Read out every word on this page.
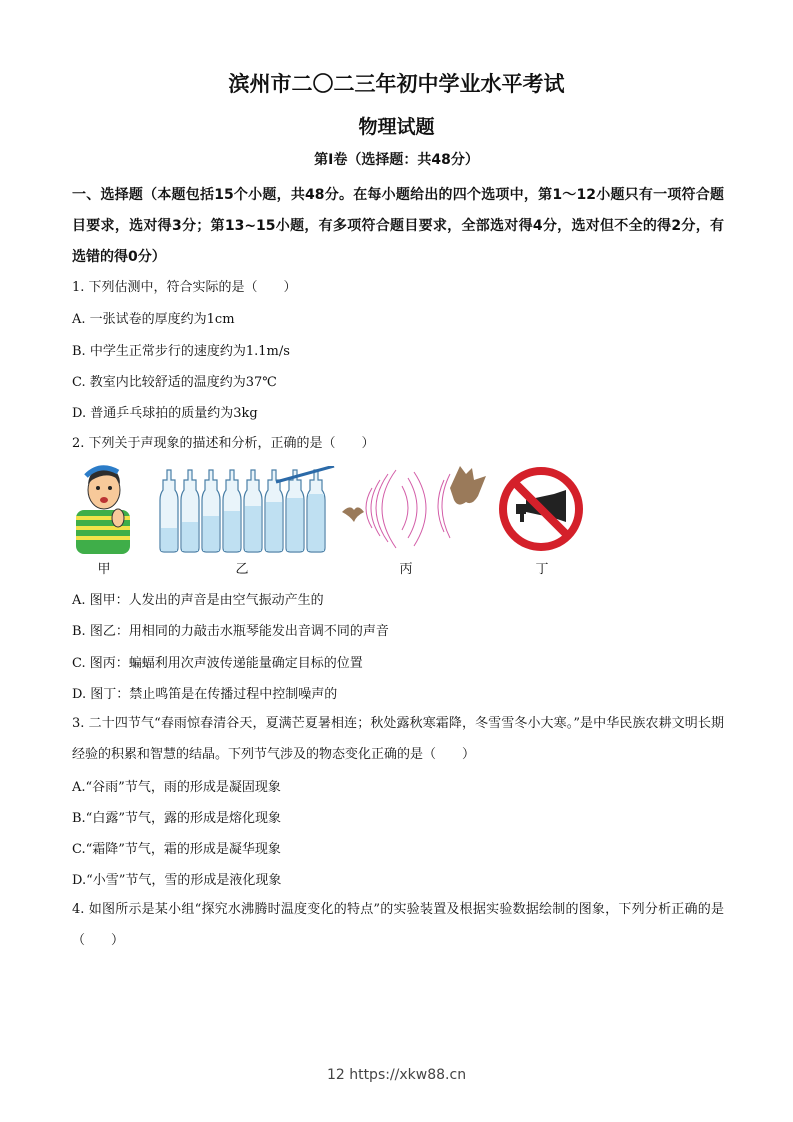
滨州市二〇二三年初中学业水平考试
物理试题
第I卷（选择题：共48分）
一、选择题（本题包括15个小题，共48分。在每小题给出的四个选项中，第1～12小题只有一项符合题目要求，选对得3分；第13~15小题，有多项符合题目要求，全部选对得4分，选对但不全的得2分，有选错的得0分）
1. 下列估测中，符合实际的是（　　）
A. 一张试卷的厚度约为1cm
B. 中学生正常步行的速度约为1.1m/s
C. 教室内比较舒适的温度约为37℃
D. 普通乒乓球拍的质量约为3kg
2. 下列关于声现象的描述和分析，正确的是（　　）
甲	乙	丙	丁
A. 图甲：人发出的声音是由空气振动产生的
B. 图乙：用相同的力敲击水瓶琴能发出音调不同的声音
C. 图丙：蝙蝠利用次声波传递能量确定目标的位置
D. 图丁：禁止鸣笛是在传播过程中控制噪声的
3. 二十四节气“春雨惊春清谷天，夏满芒夏暑相连；秋处露秋寒霜降，冬雪雪冬小大寒。”是中华民族农耕文明长期经验的积累和智慧的结晶。下列节气涉及的物态变化正确的是（　　）
A.“谷雨”节气，雨的形成是凝固现象
B.“白露”节气，露的形成是熔化现象
C.“霜降”节气，霜的形成是凝华现象
D.“小雪”节气，雪的形成是液化现象
4. 如图所示是某小组“探究水沸腾时温度变化的特点”的实验装置及根据实验数据绘制的图象，下列分析正确的是（　　）
12 https://xkw88.cn
